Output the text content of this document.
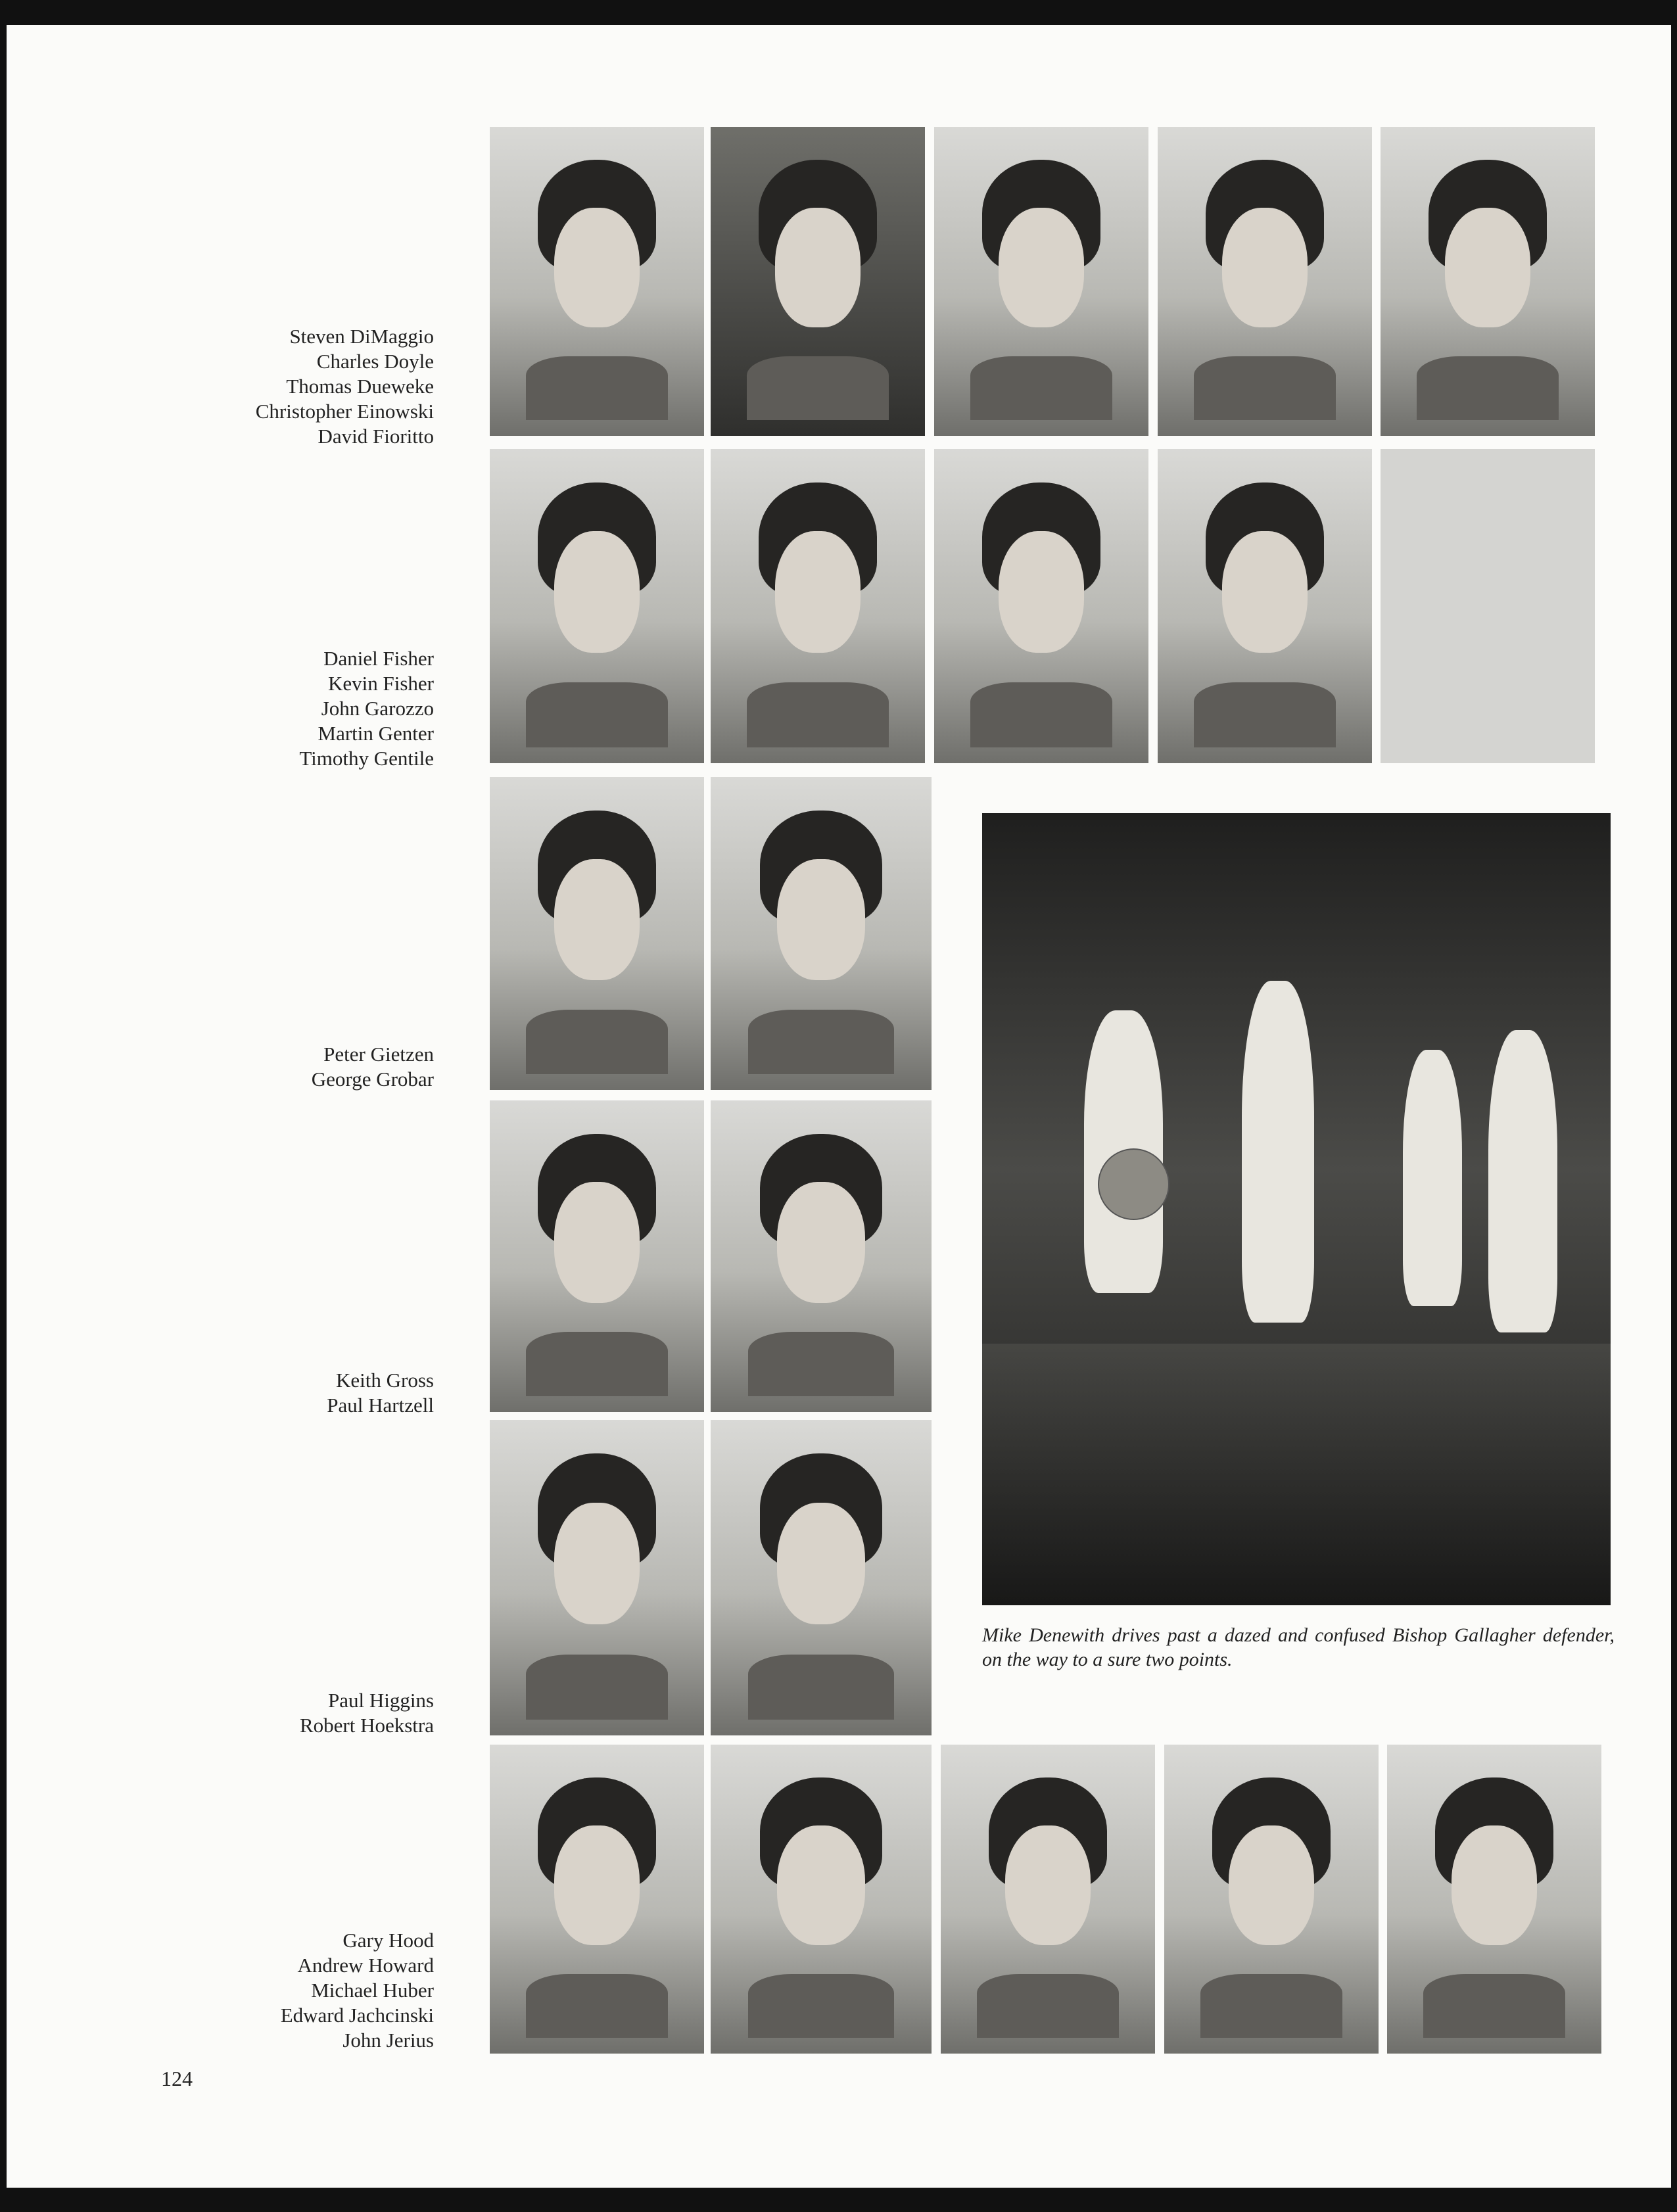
Steven DiMaggio
Charles Doyle
Thomas Dueweke
Christopher Einowski
David Fioritto
Daniel Fisher
Kevin Fisher
John Garozzo
Martin Genter
Timothy Gentile
Peter Gietzen
George Grobar
Keith Gross
Paul Hartzell
Paul Higgins
Robert Hoekstra
Gary Hood
Andrew Howard
Michael Huber
Edward Jachcinski
John Jerius
Mike Denewith drives past a dazed and confused Bishop Gallagher defender, on the way to a sure two points.
124
